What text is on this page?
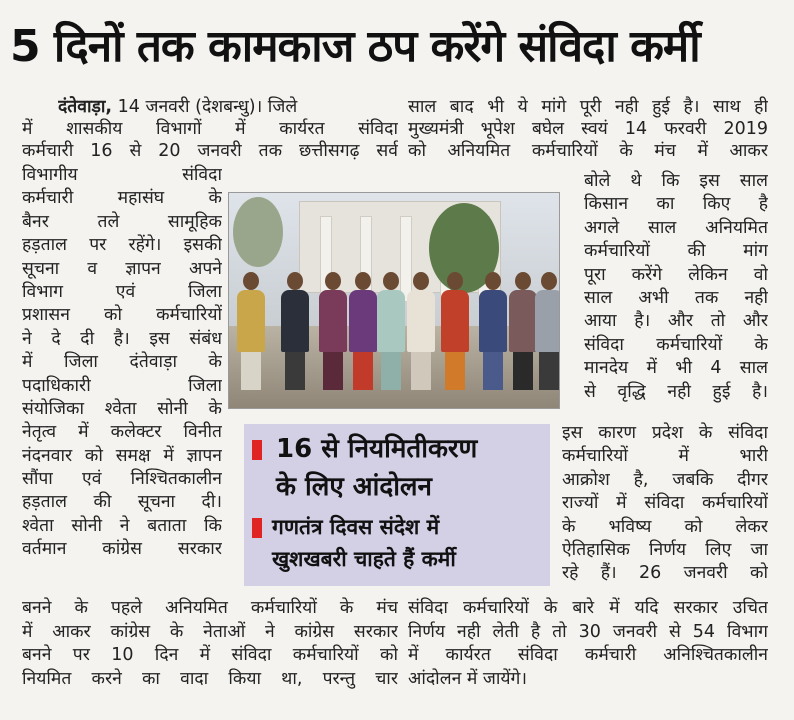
5 दिनों तक कामकाज ठप करेंगे संविदा कर्मी
दंतेवाड़ा, 14 जनवरी (देशबन्धु)। जिले
में शासकीय विभागों में कार्यरत संविदा
कर्मचारी 16 से 20 जनवरी तक छत्तीसगढ़ सर्व
विभागीय संविदा
कर्मचारी महासंघ के
बैनर तले सामूहिक
हड़ताल पर रहेंगे। इसकी
सूचना व ज्ञापन अपने
विभाग एवं जिला
प्रशासन को कर्मचारियों
ने दे दी है। इस संबंध
में जिला दंतेवाड़ा के
पदाधिकारी जिला
संयोजिका श्वेता सोनी के
नेतृत्व में कलेक्टर विनीत
नंदनवार को समक्ष में ज्ञापन
सौंपा एवं निश्चितकालीन
हड़ताल की सूचना दी।
श्वेता सोनी ने बताता कि
वर्तमान कांग्रेस सरकार
बनने के पहले अनियमित कर्मचारियों के मंच
में आकर कांग्रेस के नेताओं ने कांग्रेस सरकार
बनने पर 10 दिन में संविदा कर्मचारियों को
नियमित करने का वादा किया था, परन्तु चार
साल बाद भी ये मांगे पूरी नही हुई है। साथ ही
मुख्यमंत्री भूपेश बघेल स्वयं 14 फरवरी 2019
को अनियमित कर्मचारियों के मंच में आकर
बोले थे कि इस साल
किसान का किए है
अगले साल अनियमित
कर्मचारियों की मांग
पूरा करेंगे लेकिन वो
साल अभी तक नही
आया है। और तो और
संविदा कर्मचारियों के
मानदेय में भी 4 साल
से वृद्धि नही हुई है।
इस कारण प्रदेश के संविदा
कर्मचारियों में भारी
आक्रोश है, जबकि दीगर
राज्यों में संविदा कर्मचारियों
के भविष्य को लेकर
ऐतिहासिक निर्णय लिए जा
रहे हैं। 26 जनवरी को
संविदा कर्मचारियों के बारे में यदि सरकार उचित
निर्णय नही लेती है तो 30 जनवरी से 54 विभाग
में कार्यरत संविदा कर्मचारी अनिश्चितकालीन
आंदोलन में जायेंगे।
16 से नियमितीकरण
के लिए आंदोलन
गणतंत्र दिवस संदेश में
खुशखबरी चाहते हैं कर्मी
